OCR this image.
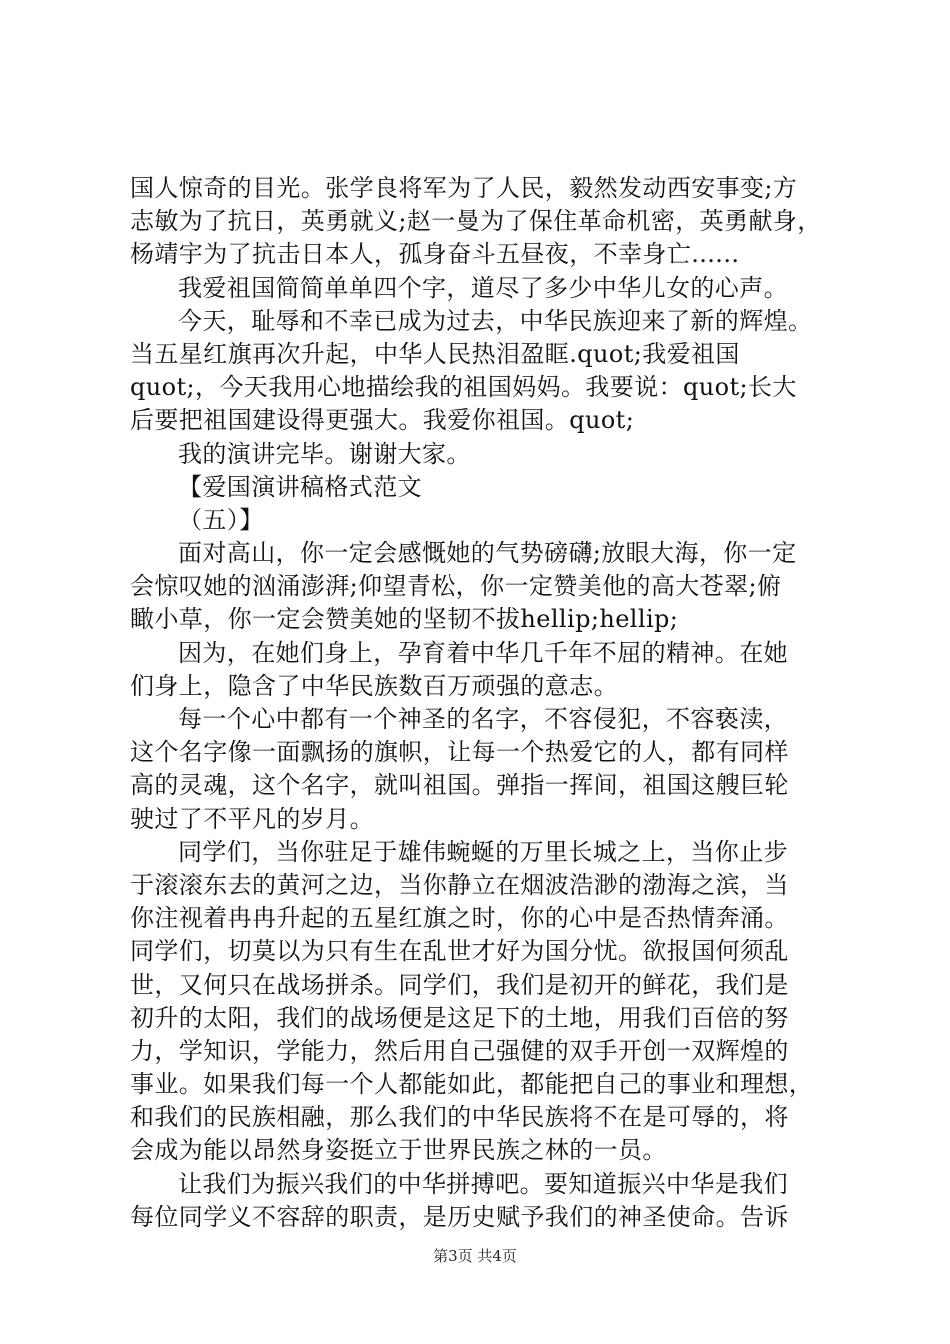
国人惊奇的目光。张学良将军为了人民，毅然发动西安事变;方
志敏为了抗日，英勇就义;赵一曼为了保住革命机密，英勇献身，
杨靖宇为了抗击日本人，孤身奋斗五昼夜，不幸身亡......
我爱祖国简简单单四个字，道尽了多少中华儿女的心声。
今天，耻辱和不幸已成为过去，中华民族迎来了新的辉煌。
当五星红旗再次升起，中华人民热泪盈眶.quot;我爱祖国
quot;，今天我用心地描绘我的祖国妈妈。我要说：quot;长大
后要把祖国建设得更强大。我爱你祖国。quot;
我的演讲完毕。谢谢大家。
【爱国演讲稿格式范文
（五）】
面对高山，你一定会感慨她的气势磅礴;放眼大海，你一定
会惊叹她的汹涌澎湃;仰望青松，你一定赞美他的高大苍翠;俯
瞰小草，你一定会赞美她的坚韧不拔hellip;hellip;
因为，在她们身上，孕育着中华几千年不屈的精神。在她
们身上，隐含了中华民族数百万顽强的意志。
每一个心中都有一个神圣的名字，不容侵犯，不容亵渎，
这个名字像一面飘扬的旗帜，让每一个热爱它的人，都有同样
高的灵魂，这个名字，就叫祖国。弹指一挥间，祖国这艘巨轮
驶过了不平凡的岁月。
同学们，当你驻足于雄伟蜿蜒的万里长城之上，当你止步
于滚滚东去的黄河之边，当你静立在烟波浩渺的渤海之滨，当
你注视着冉冉升起的五星红旗之时，你的心中是否热情奔涌。
同学们，切莫以为只有生在乱世才好为国分忧。欲报国何须乱
世，又何只在战场拼杀。同学们，我们是初开的鲜花，我们是
初升的太阳，我们的战场便是这足下的土地，用我们百倍的努
力，学知识，学能力，然后用自己强健的双手开创一双辉煌的
事业。如果我们每一个人都能如此，都能把自己的事业和理想，
和我们的民族相融，那么我们的中华民族将不在是可辱的，将
会成为能以昂然身姿挺立于世界民族之林的一员。
让我们为振兴我们的中华拼搏吧。要知道振兴中华是我们
每位同学义不容辞的职责，是历史赋予我们的神圣使命。告诉
第3页 共4页
